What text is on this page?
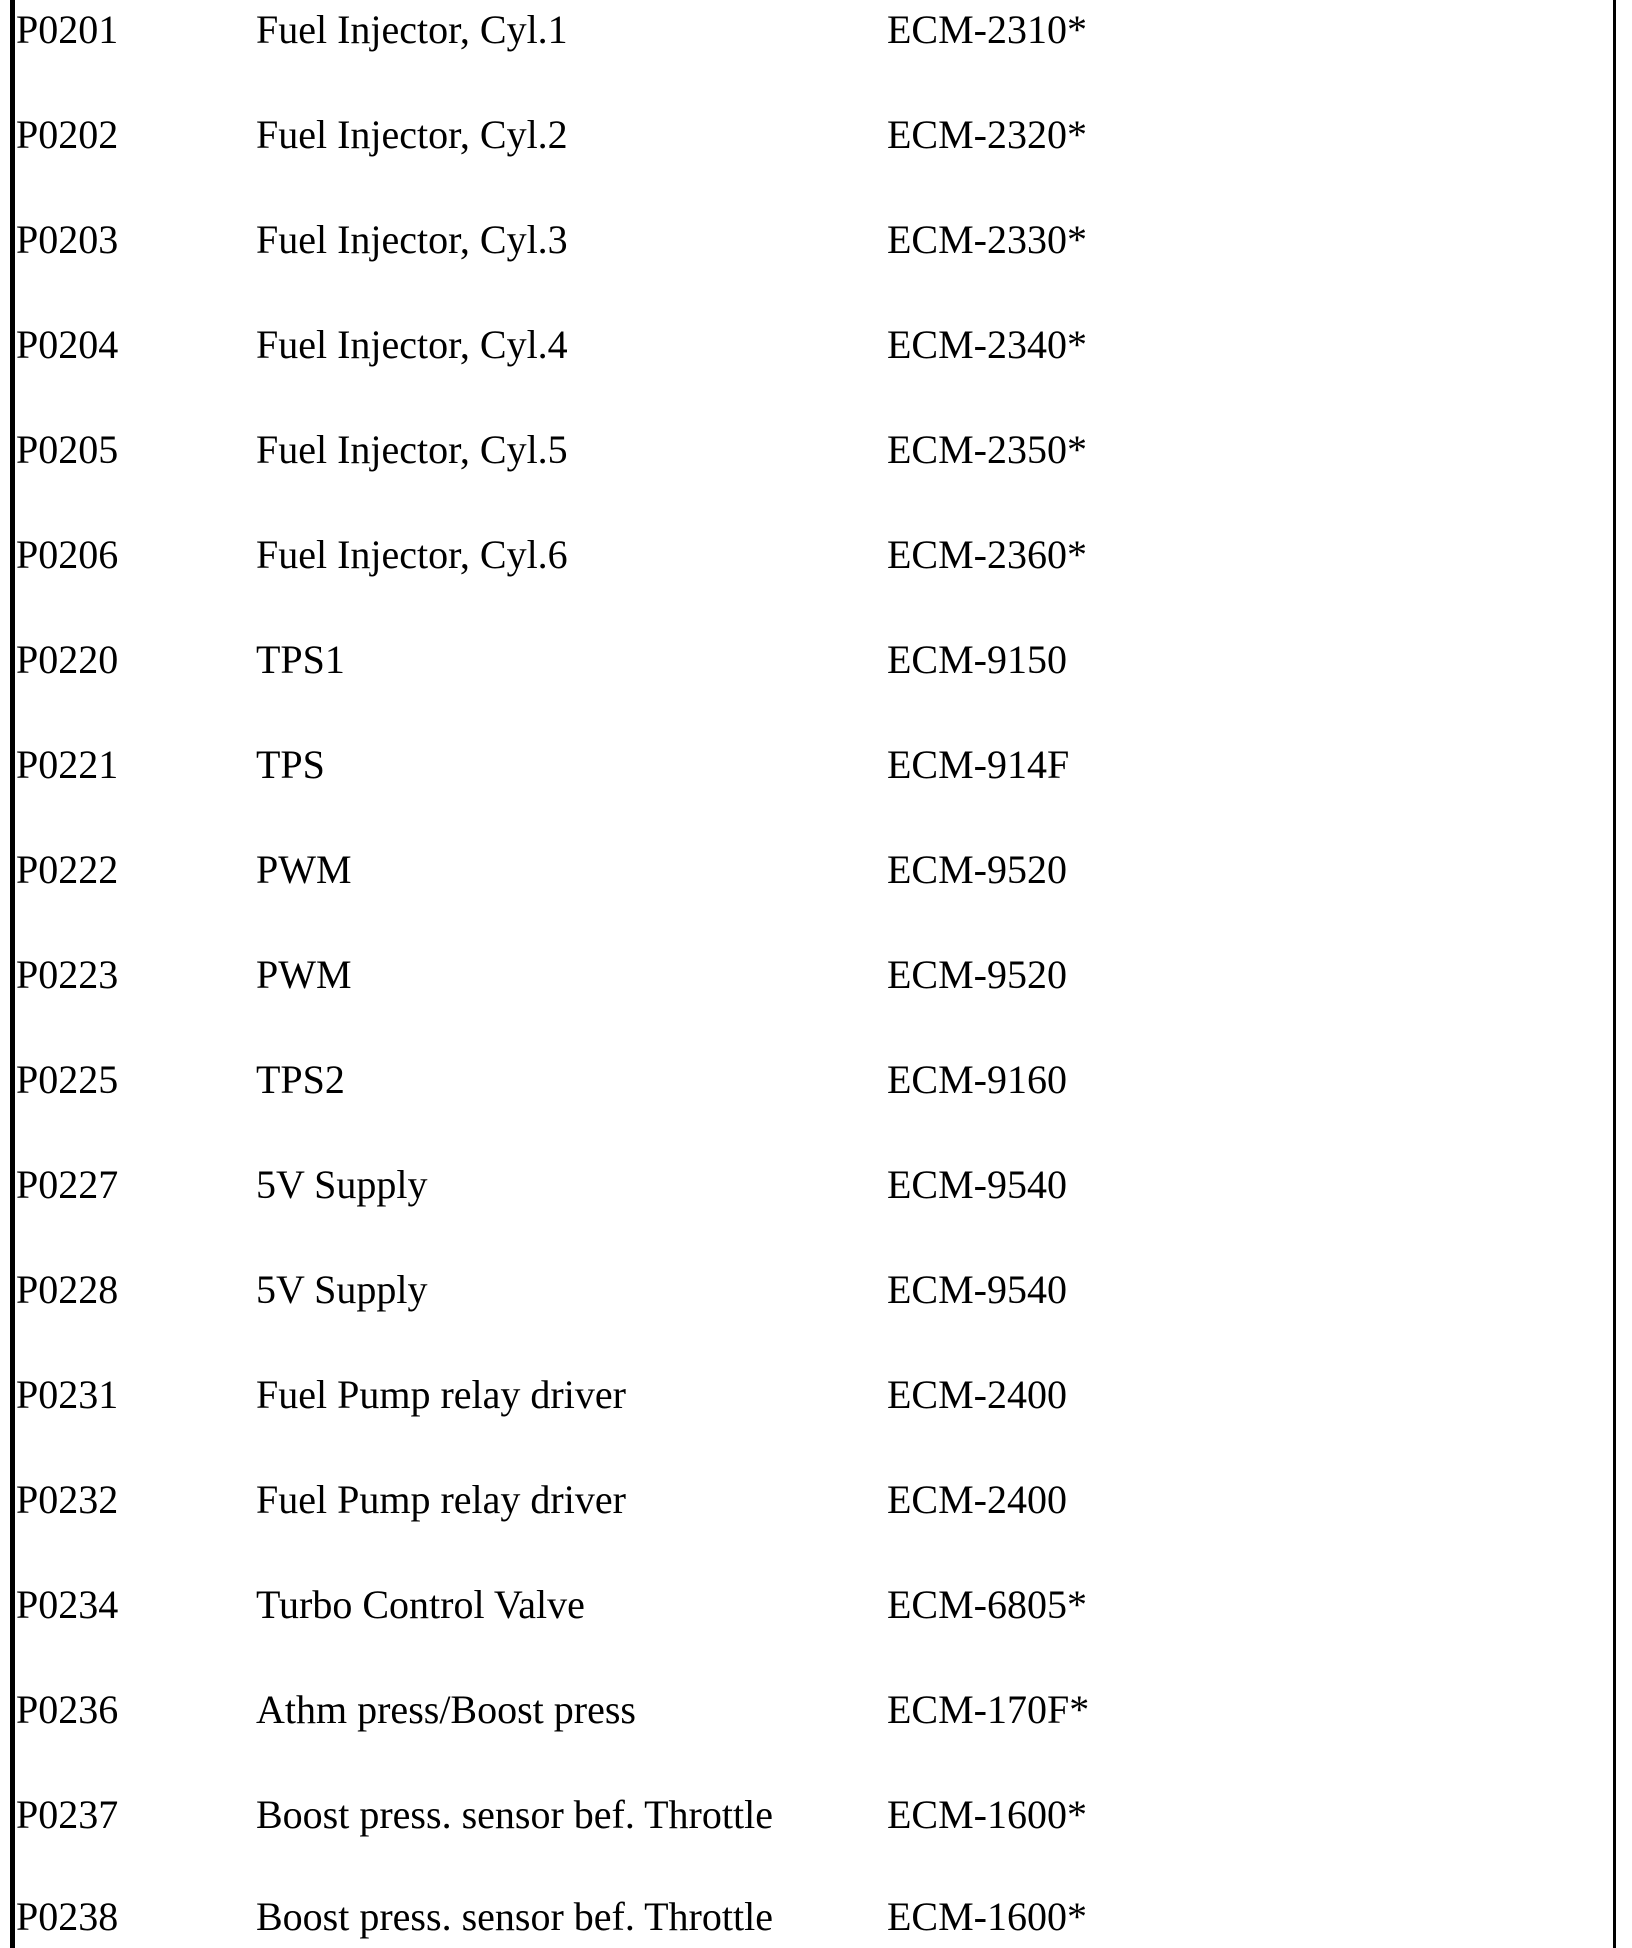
P0201	Fuel Injector, Cyl.1	ECM-2310*
P0202	Fuel Injector, Cyl.2	ECM-2320*
P0203	Fuel Injector, Cyl.3	ECM-2330*
P0204	Fuel Injector, Cyl.4	ECM-2340*
P0205	Fuel Injector, Cyl.5	ECM-2350*
P0206	Fuel Injector, Cyl.6	ECM-2360*
P0220	TPS1	ECM-9150
P0221	TPS	ECM-914F
P0222	PWM	ECM-9520
P0223	PWM	ECM-9520
P0225	TPS2	ECM-9160
P0227	5V Supply	ECM-9540
P0228	5V Supply	ECM-9540
P0231	Fuel Pump relay driver	ECM-2400
P0232	Fuel Pump relay driver	ECM-2400
P0234	Turbo Control Valve	ECM-6805*
P0236	Athm press/Boost press	ECM-170F*
P0237	Boost press. sensor bef. Throttle	ECM-1600*
P0238	Boost press. sensor bef. Throttle	ECM-1600*
